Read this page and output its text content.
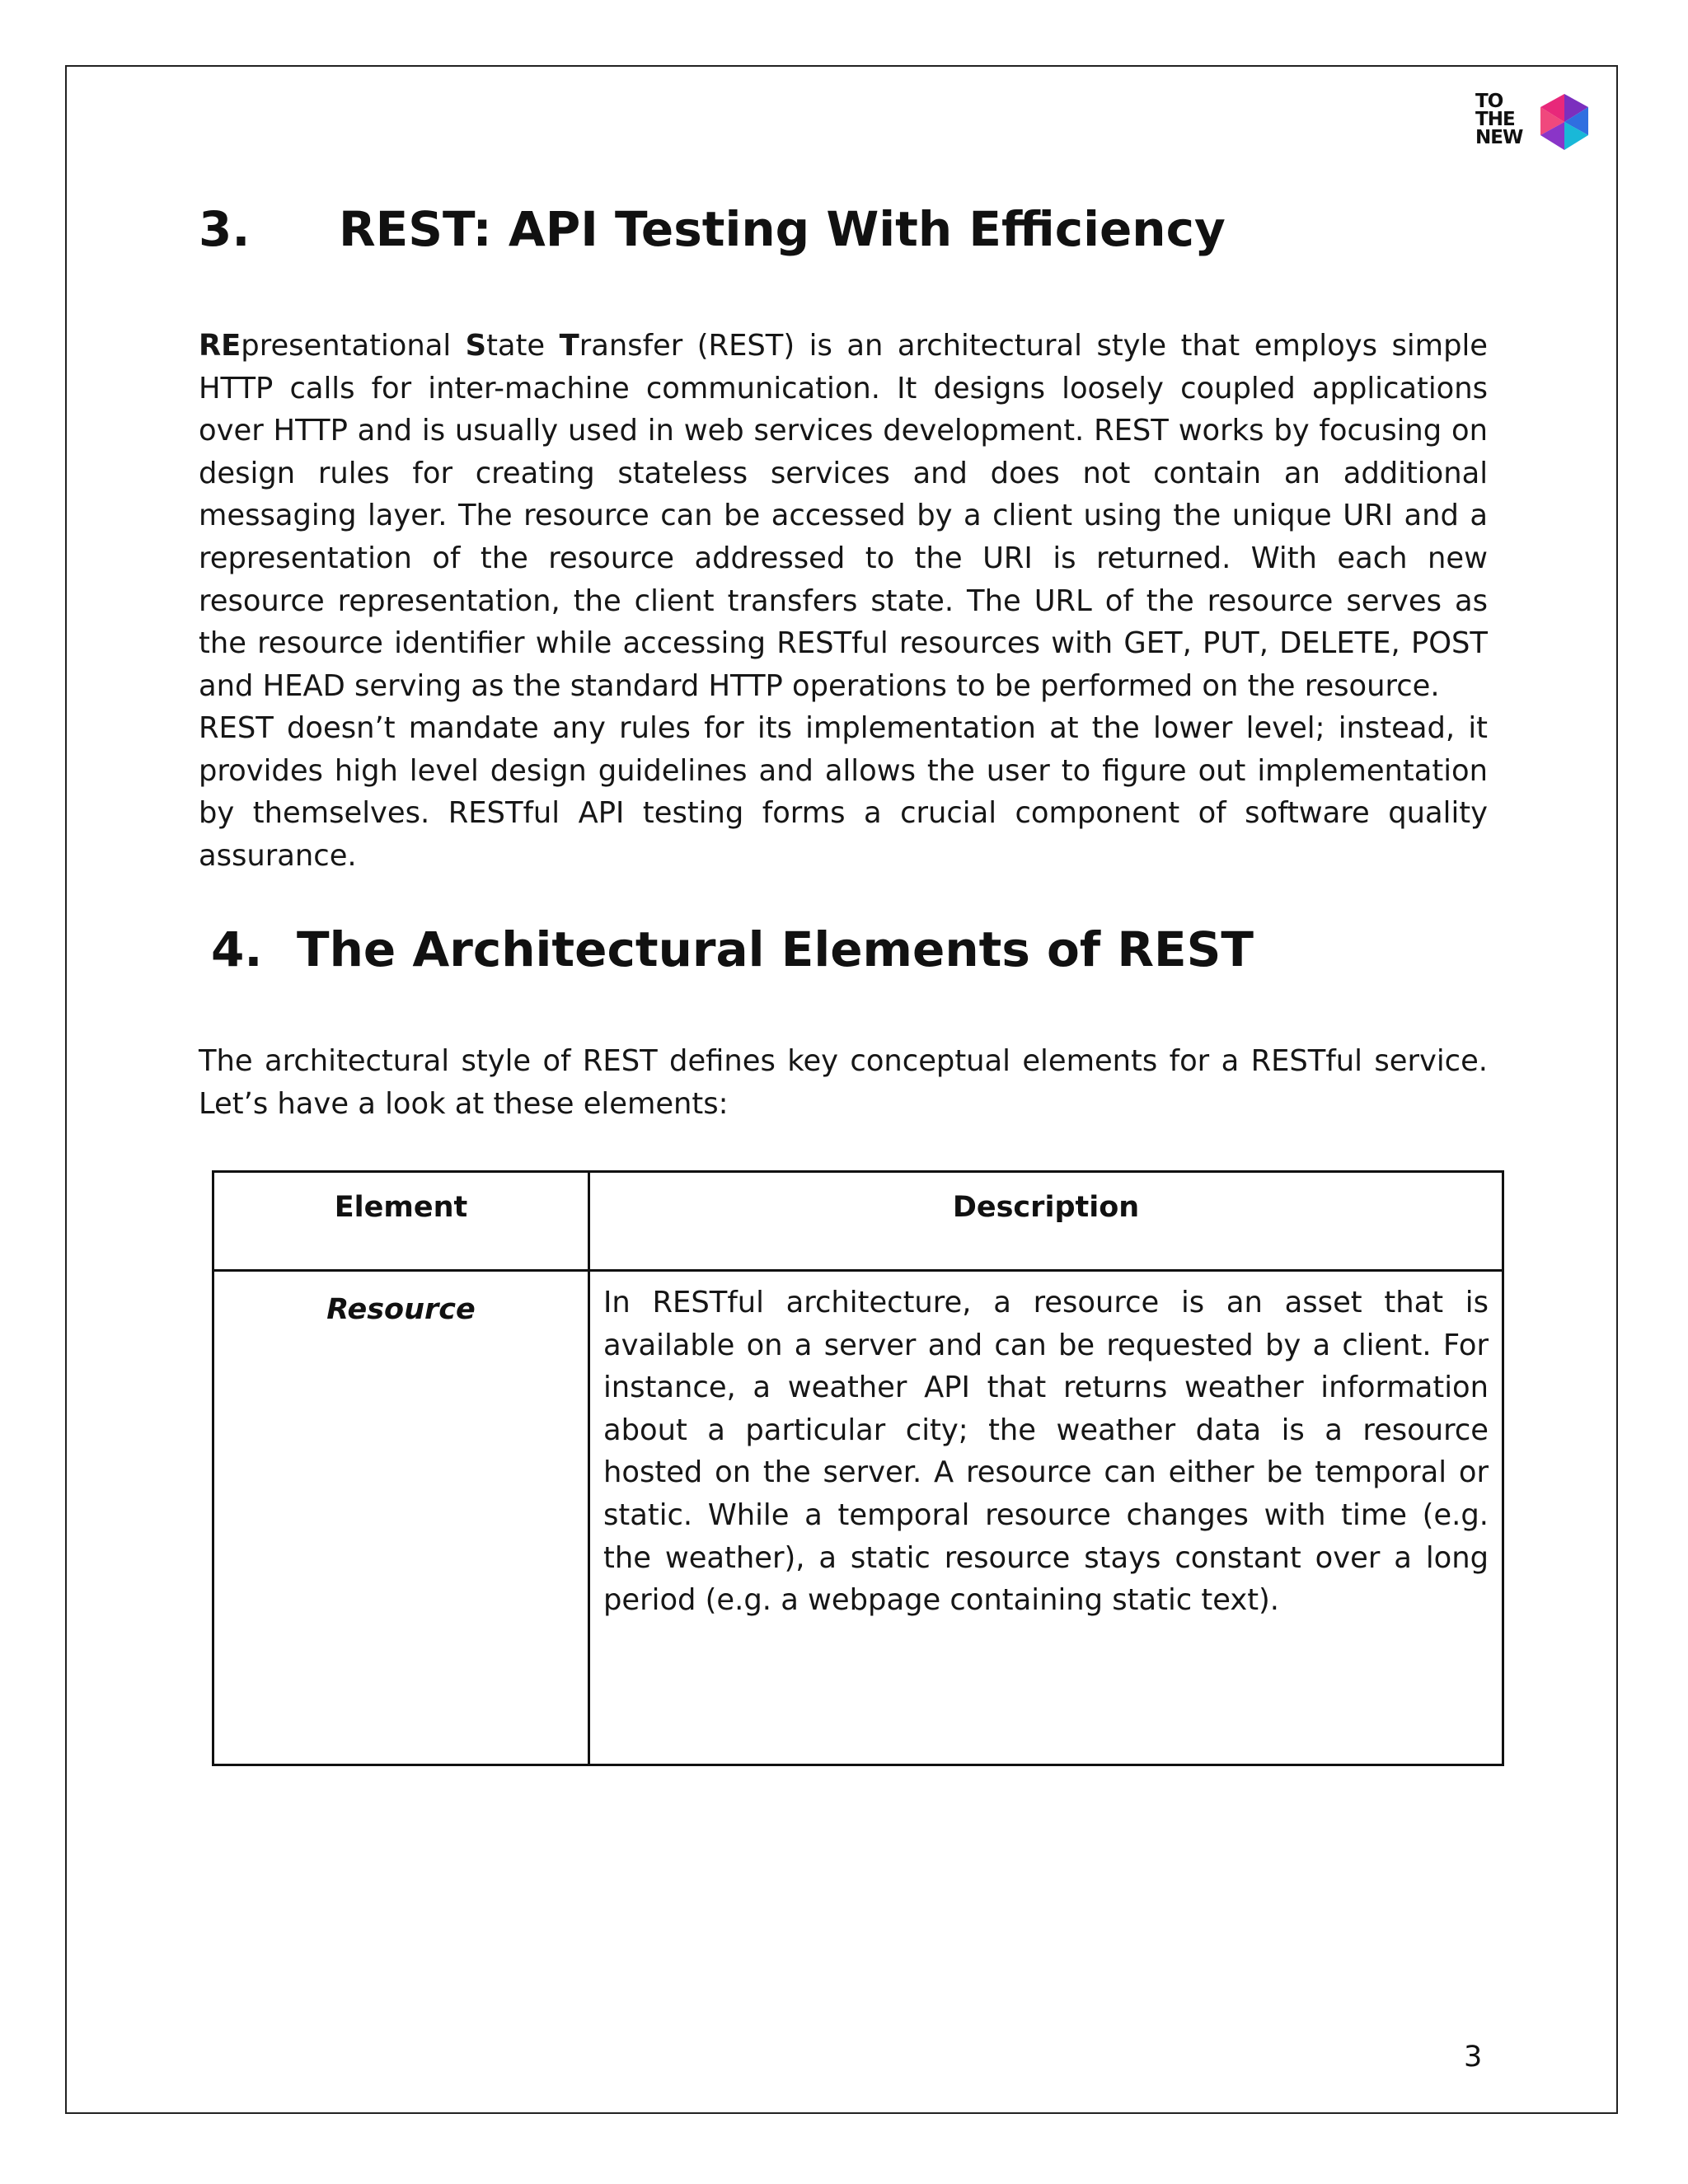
TO
THE
NEW
3. REST: API Testing With Efficiency

REpresentational State Transfer (REST) is an architectural style that employs simple HTTP calls for inter-machine communication. It designs loosely coupled applications over HTTP and is usually used in web services development. REST works by focusing on design rules for creating stateless services and does not contain an additional messaging layer. The resource can be accessed by a client using the unique URI and a representation of the resource addressed to the URI is returned. With each new resource representation, the client transfers state. The URL of the resource serves as the resource identifier while accessing RESTful resources with GET, PUT, DELETE, POST and HEAD serving as the standard HTTP operations to be performed on the resource.

REST doesn’t mandate any rules for its implementation at the lower level; instead, it provides high level design guidelines and allows the user to figure out implementation by themselves. RESTful API testing forms a crucial component of software quality assurance.

4. The Architectural Elements of REST

The architectural style of REST defines key conceptual elements for a RESTful service. Let’s have a look at these elements:

Element	Description

Resource	In RESTful architecture, a resource is an asset that is available on a server and can be requested by a client. For instance, a weather API that returns weather information about a particular city; the weather data is a resource hosted on the server. A resource can either be temporal or static. While a temporal resource changes with time (e.g. the weather), a static resource stays constant over a long period (e.g. a webpage containing static text).
3
